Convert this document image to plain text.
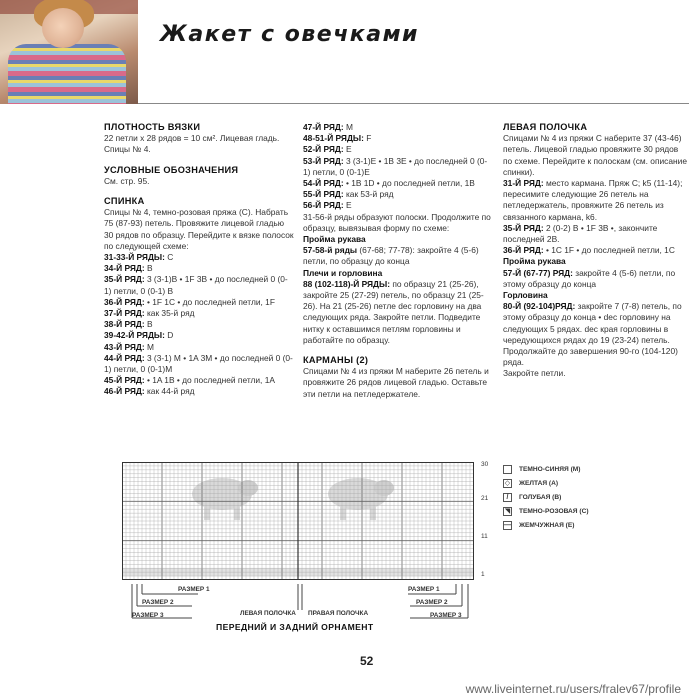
Жакет с овечками

ПЛОТНОСТЬ ВЯЗКИ

22 петли х 28 рядов = 10 см². Лицевая гладь. Спицы № 4.

УСЛОВНЫЕ ОБОЗНАЧЕНИЯ

См. стр. 95.

СПИНКА

Спицы № 4, темно-розовая пряжа (С). Набрать 75 (87-93) петель. Провяжите лицевой гладью 30 рядов по образцу. Перейдите к вязке полосок по следующей схеме:

31-33-Й РЯДЫ: C

34-Й РЯД: B

35-Й РЯД: 3 (3-1)B • 1F 3B • до последней 0 (0-1) петли, 0 (0-1) B

36-Й РЯД: • 1F 1C • до последней петли, 1F

37-Й РЯД: как 35-й ряд

38-Й РЯД: B

39-42-Й РЯДЫ: D

43-Й РЯД: M

44-Й РЯД: 3 (3-1) M • 1A 3M • до последней 0 (0-1) петли, 0 (0-1)M

45-Й РЯД: • 1A 1B • до последней петли, 1A

46-Й РЯД: как 44-й ряд

47-Й РЯД: M

48-51-Й РЯДЫ: F

52-Й РЯД: E

53-Й РЯД: 3 (3-1)E • 1B 3E • до последней 0 (0-1) петли, 0 (0-1)E

54-Й РЯД: • 1B 1D • до последней петли, 1B

55-Й РЯД: как 53-й ряд

56-Й РЯД: E

31-56-й ряды образуют полоски. Продолжите по образцу, вывязывая форму по схеме:

Пройма рукава

57-58-й ряды (67-68; 77-78): закройте 4 (5-6) петли, по образцу до конца

Плечи и горловина

88 (102-118)-Й РЯДЫ: по образцу 21 (25-26), закройте 25 (27-29) петель, по образцу 21 (25-26). На 21 (25-26) петле dec горловину на два следующих ряда. Закройте петли. Подведите нитку к оставшимся петлям горловины и работайте по образцу.

КАРМАНЫ (2)

Спицами № 4 из пряжи M наберите 26 петель и провяжите 26 рядов лицевой гладью. Оставьте эти петли на петледержателе.

ЛЕВАЯ ПОЛОЧКА

Спицами № 4 из пряжи С наберите 37 (43-46) петель. Лицевой гладью провяжите 30 рядов по схеме. Перейдите к полоскам (см. описание спинки).

31-Й РЯД: место кармана. Пряж С; k5 (11-14); пересимите следующие 26 петель на петледержатель, провяжите 26 петель из связанного кармана, k6.

35-Й РЯД: 2 (0-2) B • 1F 3B •, закончите последней 2B.

36-Й РЯД: • 1C 1F • до последней петли, 1C

Пройма рукава

57-Й (67-77) РЯД: закройте 4 (5-6) петли, по этому образцу до конца

Горловина

80-Й (92-104)РЯД: закройте 7 (7-8) петель, по этому образцу до конца • dec горловину на следующих 5 рядах. dec края горловины в чередующихся рядах до 19 (23-24) петель. Продолжайте до завершения 90-го (104-120) ряда.

Закройте петли.

30
21
11
1
ТЕМНО-СИНЯЯ (M)
◇ ЖЕЛТАЯ (A)
/	ГОЛУБАЯ (B)
◥ ТЕМНО-РОЗОВАЯ (C)
— ЖЕМЧУЖНАЯ (E)
РАЗМЕР 1
РАЗМЕР 2
РАЗМЕР 3	ЛЕВАЯ ПОЛОЧКА ПРАВАЯ ПОЛОЧКА
РАЗМЕР 1
РАЗМЕР 2
РАЗМЕР 3
ПЕРЕДНИЙ И ЗАДНИЙ ОРНАМЕНТ
52
www.liveinternet.ru/users/fralev67/profile
